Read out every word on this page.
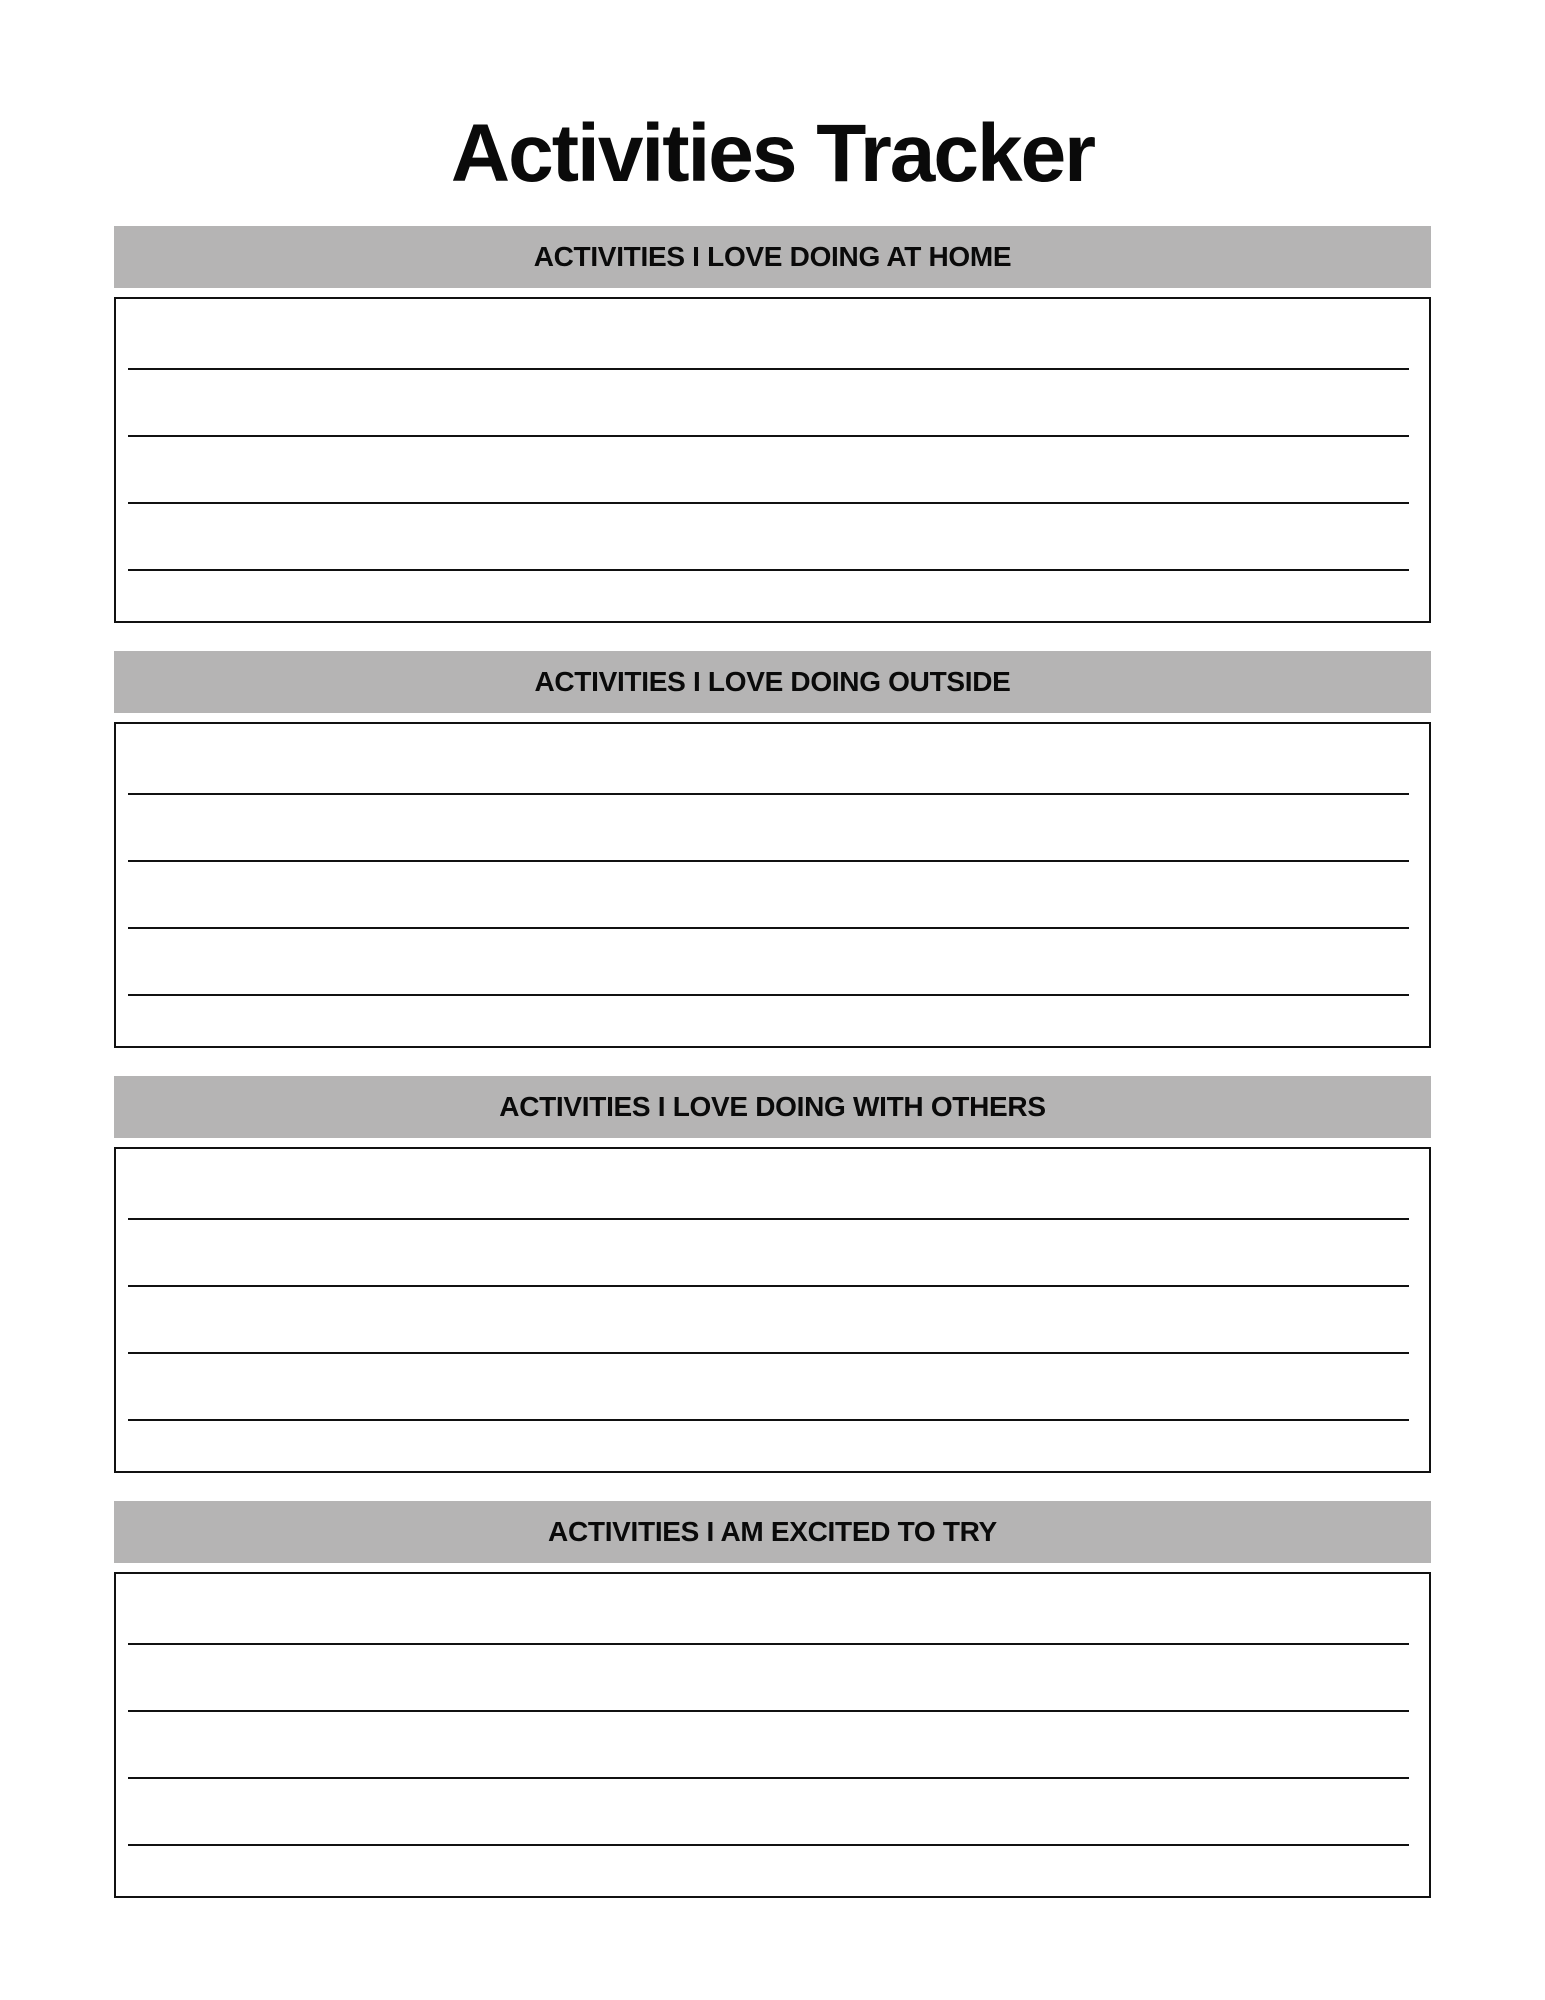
Activities Tracker
ACTIVITIES I LOVE DOING AT HOME
ACTIVITIES I LOVE DOING OUTSIDE
ACTIVITIES I LOVE DOING WITH OTHERS
ACTIVITIES I AM EXCITED TO TRY
